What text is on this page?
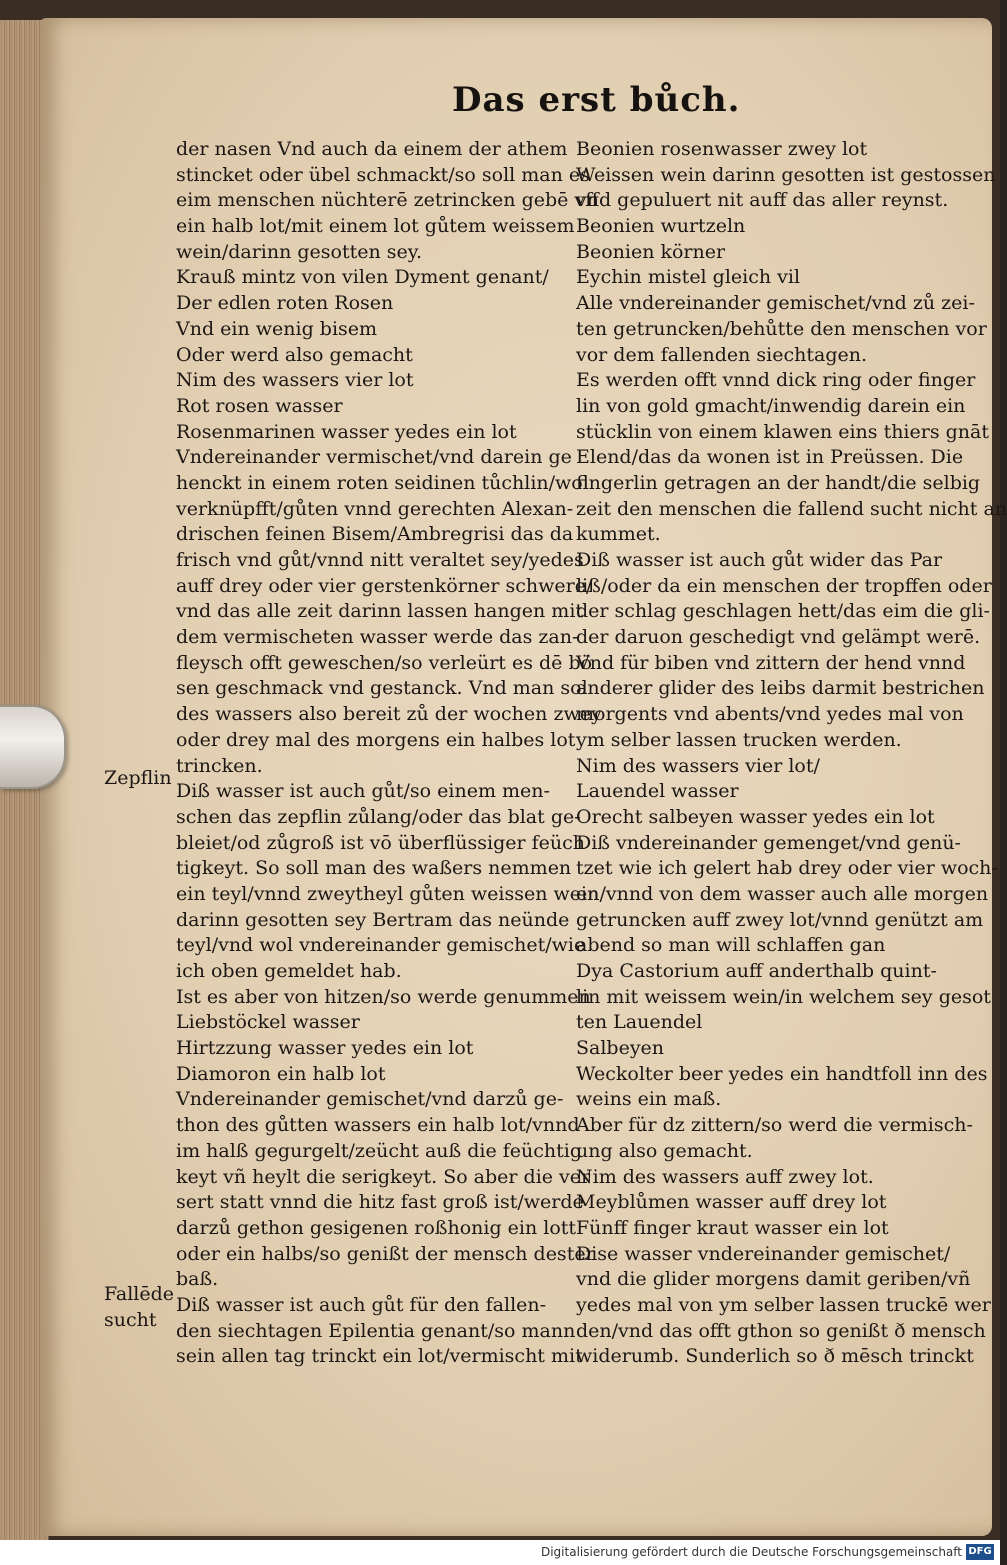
Das erst bůch.
Zepflin
Fallēde
sucht
der nasen Vnd auch da einem der athem
stincket oder übel schmackt/so soll man es
eim menschen nüchterē zetrincken gebē vff
ein halb lot/mit einem lot gůtem weissem
wein/darinn gesotten sey.
Krauß mintz von vilen Dyment genant/
Der edlen roten Rosen
Vnd ein wenig bisem
Oder werd also gemacht
Nim des wassers vier lot
Rot rosen wasser
Rosenmarinen wasser yedes ein lot
Vndereinander vermischet/vnd darein ge
henckt in einem roten seidinen tůchlin/wol
verknüpfft/gůten vnnd gerechten Alexan-
drischen feinen Bisem/Ambregrisi das da
frisch vnd gůt/vnnd nitt veraltet sey/yedes
auff drey oder vier gerstenkörner schwere/
vnd das alle zeit darinn lassen hangen mit
dem vermischeten wasser werde das zan-
fleysch offt geweschen/so verleürt es dē bö
sen geschmack vnd gestanck. Vnd man sol
des wassers also bereit zů der wochen zwey
oder drey mal des morgens ein halbes lot
trincken.
Diß wasser ist auch gůt/so einem men-
schen das zepflin zůlang/oder das blat ge-
bleiet/od zůgroß ist vō überflüssiger feüch
tigkeyt. So soll man des waßers nemmen
ein teyl/vnnd zweytheyl gůten weissen wein
darinn gesotten sey Bertram das neünde
teyl/vnd wol vndereinander gemischet/wie
ich oben gemeldet hab.
Ist es aber von hitzen/so werde genummen
Liebstöckel wasser
Hirtzzung wasser yedes ein lot
Diamoron ein halb lot
Vndereinander gemischet/vnd darzů ge-
thon des gůtten wassers ein halb lot/vnnd
im halß gegurgelt/zeücht auß die feüchtig
keyt vñ heylt die serigkeyt. So aber die ver
sert statt vnnd die hitz fast groß ist/werde
darzů gethon gesigenen roßhonig ein lott
oder ein halbs/so genißt der mensch dester
baß.
Diß wasser ist auch gůt für den fallen-
den siechtagen Epilentia genant/so mann
sein allen tag trinckt ein lot/vermischt mit
Beonien rosenwasser zwey lot
Weissen wein darinn gesotten ist gestossen
vnd gepuluert nit auff das aller reynst.
Beonien wurtzeln
Beonien körner
Eychin mistel gleich vil
Alle vndereinander gemischet/vnd zů zei-
ten getruncken/behůtte den menschen vor
vor dem fallenden siechtagen.
Es werden offt vnnd dick ring oder finger
lin von gold gmacht/inwendig darein ein
stücklin von einem klawen eins thiers gnāt
Elend/das da wonen ist in Preüssen. Die
fingerlin getragen an der handt/die selbig
zeit den menschen die fallend sucht nicht an
kummet.
Diß wasser ist auch gůt wider das Par
liß/oder da ein menschen der tropffen oder
der schlag geschlagen hett/das eim die gli-
der daruon geschedigt vnd gelämpt werē.
Vnd für biben vnd zittern der hend vnnd
anderer glider des leibs darmit bestrichen
morgents vnd abents/vnd yedes mal von
ym selber lassen trucken werden.
Nim des wassers vier lot/
Lauendel wasser
Orecht salbeyen wasser yedes ein lot
Diß vndereinander gemenget/vnd genü-
tzet wie ich gelert hab drey oder vier woch-
en/vnnd von dem wasser auch alle morgen
getruncken auff zwey lot/vnnd genützt am
abend so man will schlaffen gan
Dya Castorium auff anderthalb quint-
lin mit weissem wein/in welchem sey gesot
ten Lauendel
Salbeyen
Weckolter beer yedes ein handtfoll inn des
weins ein maß.
Aber für dz zittern/so werd die vermisch-
ung also gemacht.
Nim des wassers auff zwey lot.
Meyblůmen wasser auff drey lot
Fünff finger kraut wasser ein lot
Dise wasser vndereinander gemischet/
vnd die glider morgens damit geriben/vñ
yedes mal von ym selber lassen truckē wer
den/vnd das offt gthon so genißt ð mensch
widerumb. Sunderlich so ð mēsch trinckt
Digitalisierung gefördert durch die Deutsche Forschungsgemeinschaft DFG
